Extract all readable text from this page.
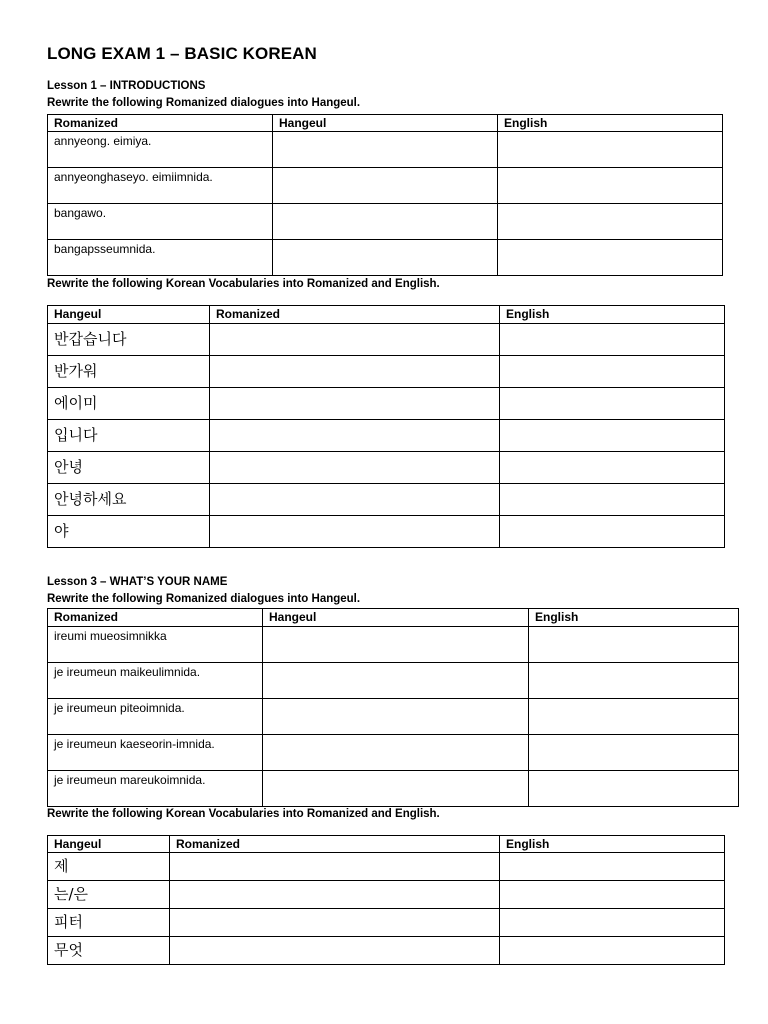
LONG EXAM 1 – BASIC KOREAN
Lesson 1 – INTRODUCTIONS
Rewrite the following Romanized dialogues into Hangeul.
Romanized	Hangeul	English
annyeong. eimiya.		
annyeonghaseyo. eimiimnida.		
bangawo.		
bangapsseumnida.		
Rewrite the following Korean Vocabularies into Romanized and English.
Hangeul	Romanized	English
반갑습니다		
반가워		
에이미		
입니다		
안녕		
안녕하세요		
야		
Lesson 3 – WHAT’S YOUR NAME
Rewrite the following Romanized dialogues into Hangeul.
Romanized	Hangeul	English
ireumi mueosimnikka		
je ireumeun maikeulimnida.		
je ireumeun piteoimnida.		
je ireumeun kaeseorin-imnida.		
je ireumeun mareukoimnida.		
Rewrite the following Korean Vocabularies into Romanized and English.
Hangeul	Romanized	English
제		
는/은		
피터		
무엇		
